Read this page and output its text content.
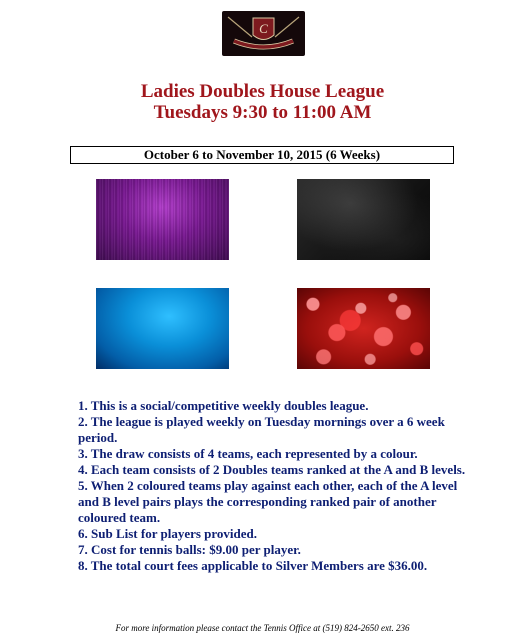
C
Ladies Doubles House League
Tuesdays 9:30 to 11:00 AM
October 6 to November 10, 2015 (6 Weeks)
1. This is a social/competitive weekly doubles league.
2. The league is played weekly on Tuesday mornings over a 6 week period.
3. The draw consists of 4 teams, each represented by a colour.
4. Each team consists of 2 Doubles teams ranked at the A and B levels.
5. When 2 coloured teams play against each other, each of the A level and B level pairs plays the corresponding ranked pair of another coloured team.
6. Sub List for players provided.
7. Cost for tennis balls: $9.00 per player.
8. The total court fees applicable to Silver Members are $36.00.
For more information please contact the Tennis Office at (519) 824-2650 ext. 236
